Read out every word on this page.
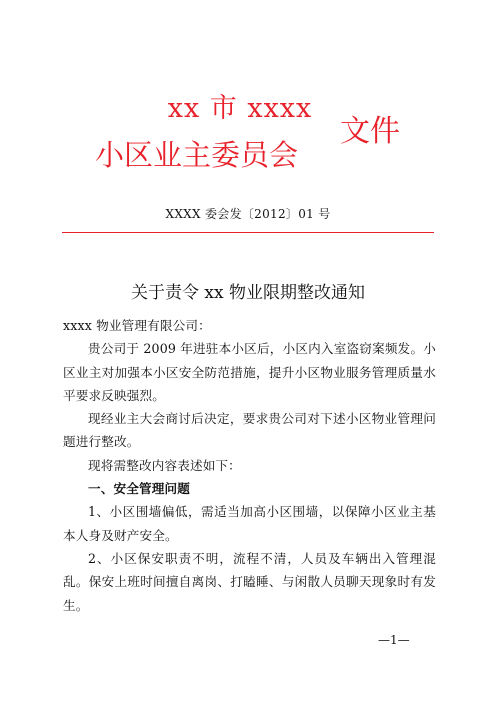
xx 市 xxxx
小区业主委员会
文件
XXXX 委会发〔2012〕01 号
关于责令 xx 物业限期整改通知

xxxx 物业管理有限公司：

贵公司于 2009 年进驻本小区后，小区内入室盗窃案频发。小区业主对加强本小区安全防范措施，提升小区物业服务管理质量水平要求反映强烈。

现经业主大会商讨后决定，要求贵公司对下述小区物业管理问题进行整改。

现将需整改内容表述如下：

一、安全管理问题

1、小区围墙偏低，需适当加高小区围墙，以保障小区业主基本人身及财产安全。

2、小区保安职责不明，流程不清，人员及车辆出入管理混乱。保安上班时间擅自离岗、打瞌睡、与闲散人员聊天现象时有发生。

—1—
